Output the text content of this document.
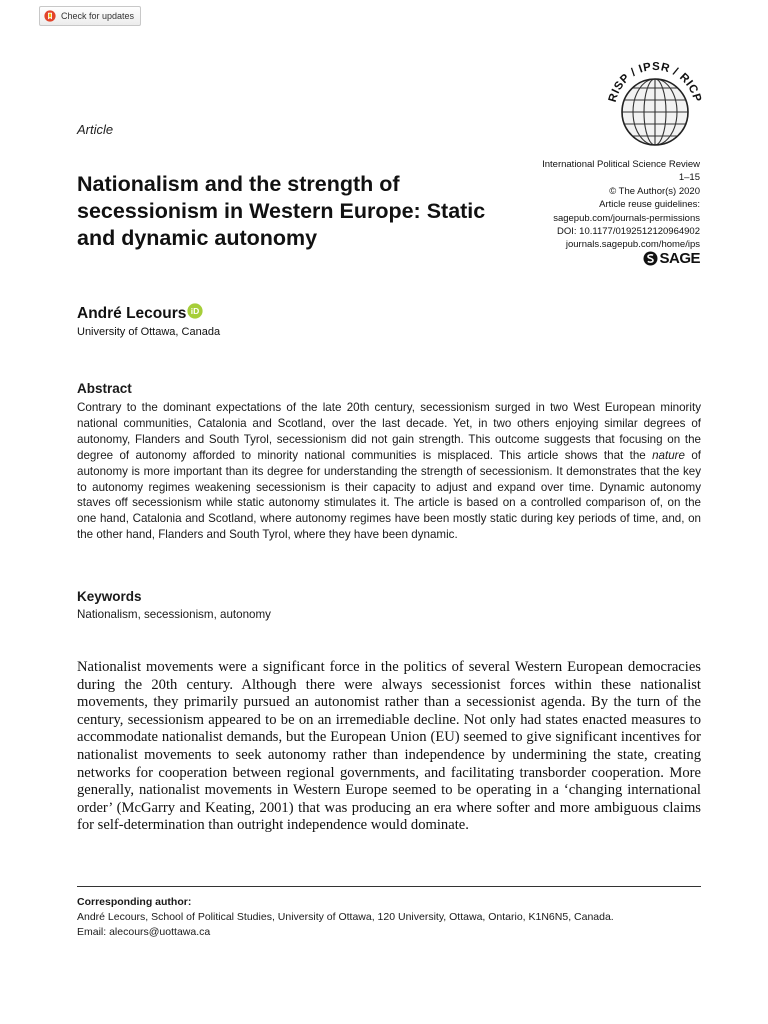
Check for updates
RISP / IPSR / RICP
Article
International Political Science Review
1–15
© The Author(s) 2020
Article reuse guidelines:
sagepub.com/journals-permissions
DOI: 10.1177/0192512120964902
journals.sagepub.com/home/ips
SAGE
Nationalism and the strength of secessionism in Western Europe: Static and dynamic autonomy
André Lecours iD
University of Ottawa, Canada
Abstract

Contrary to the dominant expectations of the late 20th century, secessionism surged in two West European minority national communities, Catalonia and Scotland, over the last decade. Yet, in two others enjoying similar degrees of autonomy, Flanders and South Tyrol, secessionism did not gain strength. This outcome suggests that focusing on the degree of autonomy afforded to minority national communities is misplaced. This article shows that the nature of autonomy is more important than its degree for understanding the strength of secessionism. It demonstrates that the key to autonomy regimes weakening secessionism is their capacity to adjust and expand over time. Dynamic autonomy staves off secessionism while static autonomy stimulates it. The article is based on a controlled comparison of, on the one hand, Catalonia and Scotland, where autonomy regimes have been mostly static during key periods of time, and, on the other hand, Flanders and South Tyrol, where they have been dynamic.

Keywords
Nationalism, secessionism, autonomy

Nationalist movements were a significant force in the politics of several Western European democracies during the 20th century. Although there were always secessionist forces within these nationalist movements, they primarily pursued an autonomist rather than a secessionist agenda. By the turn of the century, secessionism appeared to be on an irremediable decline. Not only had states enacted measures to accommodate nationalist demands, but the European Union (EU) seemed to give significant incentives for nationalist movements to seek autonomy rather than independence by undermining the state, creating networks for cooperation between regional governments, and facilitating transborder cooperation. More generally, nationalist movements in Western Europe seemed to be operating in a ‘changing international order’ (McGarry and Keating, 2001) that was producing an era where softer and more ambiguous claims for self-determination than outright independence would dominate.

Corresponding author:
André Lecours, School of Political Studies, University of Ottawa, 120 University, Ottawa, Ontario, K1N6N5, Canada.
Email: alecours@uottawa.ca
